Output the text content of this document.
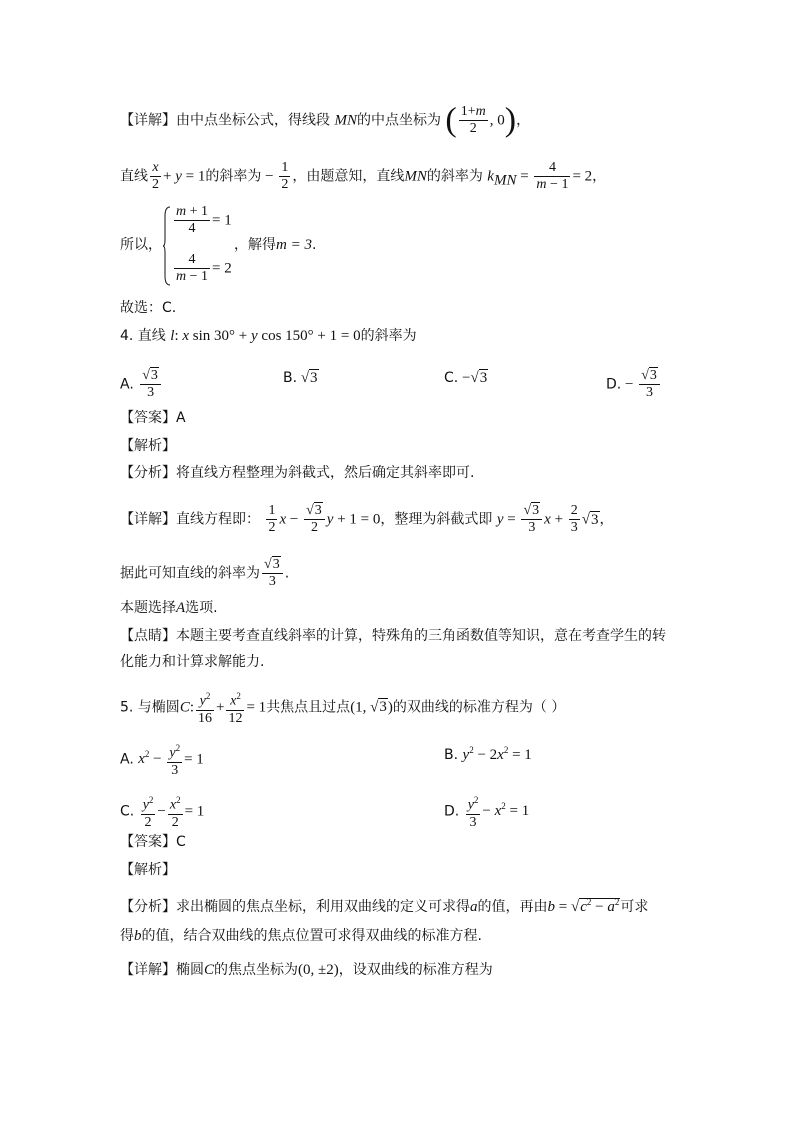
【详解】由中点坐标公式，得线段 MN的中点坐标为 ( $\frac{1+m}{2}$ , 0)，
直线 $\frac{x}{2} + y = 1$的斜率为 − $\frac{1}{2}$ ，由题意知，直线MN的斜率为 $k_{MN} = \frac{4}{m - 1} = 2$，
所以，
$\frac{m + 1}{4} = 1$
$\frac{4}{m - 1} = 2$
，解得m = 3.
故选：C.
4. 直线 l: x sin 30° + y cos 150° + 1 = 0的斜率为
A. $\frac{√3}{3}$	B. √3	C. −√3	D. − $\frac{√3}{3}$
【答案】A
【解析】
【分析】将直线方程整理为斜截式，然后确定其斜率即可.
【详解】直线方程即： $\frac{1}{2}$ $x - \frac{√3}{2}$ y + 1 = 0，整理为斜截式即 $y = \frac{√3}{3}$ $x + \frac{2}{3} √3$，
据此可知直线的斜率为 $\frac{√3}{3}$ .
本题选择A选项.
【点睛】本题主要考查直线斜率的计算，特殊角的三角函数值等知识，意在考查学生的转
化能力和计算求解能力.
5. 与椭圆C: $\frac{y^2}{16} + \frac{x^2}{12} = 1$共焦点且过点(1, √3)的双曲线的标准方程为（ ）
A. $x^2 - \frac{y^2}{3} = 1$	B. $y^2 - 2x^2 = 1$
C. $\frac{y^2}{2} - \frac{x^2}{2} = 1$	D. $\frac{y^2}{3} - x^2 = 1$
【答案】C
【解析】
【分析】求出椭圆的焦点坐标，利用双曲线的定义可求得a的值，再由$b = √c^2 - a^2$可求
得b的值，结合双曲线的焦点位置可求得双曲线的标准方程.
【详解】椭圆C的焦点坐标为(0, ±2)，设双曲线的标准方程为
